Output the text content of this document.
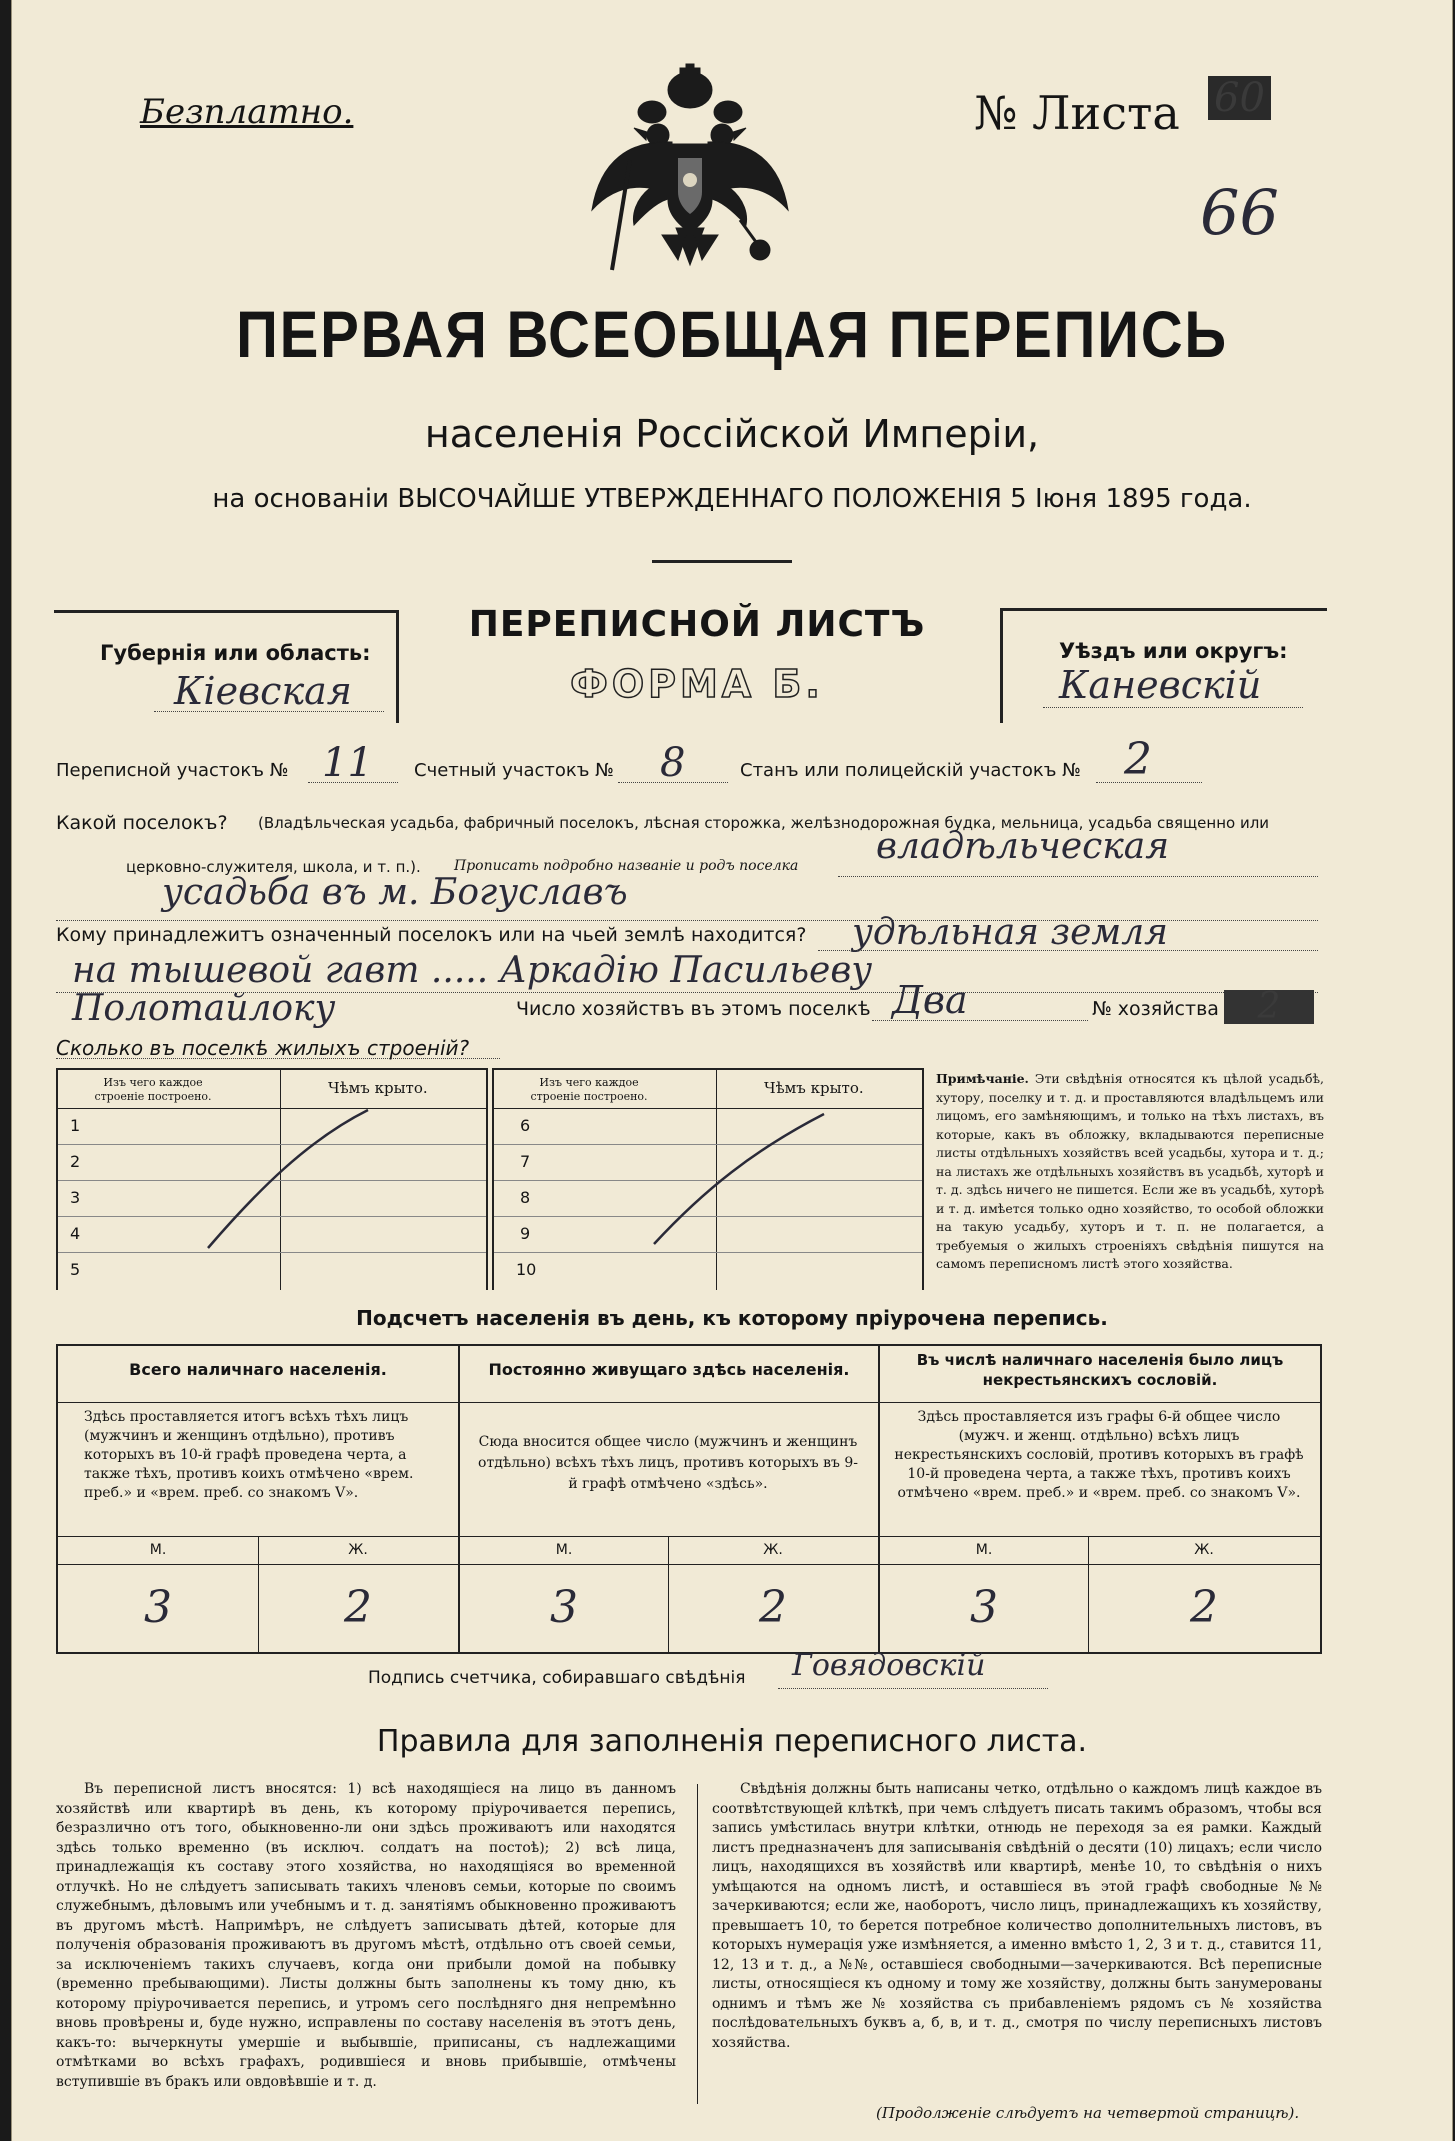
Безплатно.	№ Листа 60
66
ПЕРВАЯ ВСЕОБЩАЯ ПЕРЕПИСЬ
населенія Россійской Имперіи,
на основаніи ВЫСОЧАЙШЕ УТВЕРЖДЕННАГО ПОЛОЖЕНІЯ 5 Іюня 1895 года.
Губернія или область:
Кіевская
ПЕРЕПИСНОЙ ЛИСТЪ
ФОРМА Б.
Уѣздъ или округъ:
Каневскій
Переписной участокъ № 11 Счетный участокъ № 8	Станъ или полицейскій участокъ № 2
Какой поселокъ? (Владѣльческая усадьба, фабричный поселокъ, лѣсная сторожка, желѣзнодорожная будка, мельница, усадьба священно или
церковно-служителя, школа, и т. п.). Прописать подробно названіе и родъ поселка владѣльческая
усадьба въ м. Богуславъ
Кому принадлежитъ означенный поселокъ или на чьей землѣ находится? удѣльная земля
на тышевой гавт ..... Аркадію Пасильеву
Полотайлоку	Число хозяйствъ въ этомъ поселкѣ Два	№ хозяйства	2
Сколько въ поселкѣ жилыхъ строеній?
Изъ чего каждое строеніе построено.	Чѣмъ крыто.
1
2
3
4
5
Изъ чего каждое строеніе построено.	Чѣмъ крыто.
6
7
8
9
10
Примѣчаніе. Эти свѣдѣнія относятся къ цѣлой усадьбѣ, хутору, поселку и т. д. и проставляются владѣльцемъ или лицомъ, его замѣняющимъ, и только на тѣхъ листахъ, въ которые, какъ въ обложку, вкладываются переписные листы отдѣльныхъ хозяйствъ всей усадьбы, хутора и т. д.; на листахъ же отдѣльныхъ хозяйствъ въ усадьбѣ, хуторѣ и т. д. здѣсь ничего не пишется. Если же въ усадьбѣ, хуторѣ и т. д. имѣется только одно хозяйство, то особой обложки на такую усадьбу, хуторъ и т. п. не полагается, а требуемыя о жилыхъ строеніяхъ свѣдѣнія пишутся на самомъ переписномъ листѣ этого хозяйства.
Подсчетъ населенія въ день, къ которому пріурочена перепись.
Всего наличнаго населенія.	Постоянно живущаго здѣсь населенія.	Въ числѣ наличнаго населенія было лицъ некрестьянскихъ сословій.
Здѣсь проставляется итогъ всѣхъ тѣхъ лицъ (мужчинъ и женщинъ отдѣльно), противъ которыхъ въ 10-й графѣ проведена черта, а также тѣхъ, противъ коихъ отмѣчено «врем. преб.» и «врем. преб. со знакомъ V».
Сюда вносится общее число (мужчинъ и женщинъ отдѣльно) всѣхъ тѣхъ лицъ, противъ которыхъ въ 9-й графѣ отмѣчено «здѣсь».
Здѣсь проставляется изъ графы 6-й общее число (мужч. и женщ. отдѣльно) всѣхъ лицъ некрестьянскихъ сословій, противъ которыхъ въ графѣ 10-й проведена черта, а также тѣхъ, противъ коихъ отмѣчено «врем. преб.» и «врем. преб. со знакомъ V».
М.	Ж.	М.	Ж.	М.	Ж.
3	2	3	2	3	2
Подпись счетчика, собиравшаго свѣдѣнія Говядовскій
Правила для заполненія переписного листа.
Въ переписной листъ вносятся: 1) всѣ находящіеся на лицо въ данномъ хозяйствѣ или квартирѣ въ день, къ которому пріурочивается перепись, безразлично отъ того, обыкновенно-ли они здѣсь проживаютъ или находятся здѣсь только временно (въ исключ. солдатъ на постоѣ); 2) всѣ лица, принадлежащія къ составу этого хозяйства, но находящіяся во временной отлучкѣ. Но не слѣдуетъ записывать такихъ членовъ семьи, которые по своимъ служебнымъ, дѣловымъ или учебнымъ и т. д. занятіямъ обыкновенно проживаютъ въ другомъ мѣстѣ. Напримѣръ, не слѣдуетъ записывать дѣтей, которые для полученія образованія проживаютъ въ другомъ мѣстѣ, отдѣльно отъ своей семьи, за исключеніемъ такихъ случаевъ, когда они прибыли домой на побывку (временно пребывающими). Листы должны быть заполнены къ тому дню, къ которому пріурочивается перепись, и утромъ сего послѣдняго дня непремѣнно вновь провѣрены и, буде нужно, исправлены по составу населенія въ этотъ день, какъ-то: вычеркнуты умершіе и выбывшіе, приписаны, съ надлежащими отмѣтками во всѣхъ графахъ, родившіеся и вновь прибывшіе, отмѣчены вступившіе въ бракъ или овдовѣвшіе и т. д.
Свѣдѣнія должны быть написаны четко, отдѣльно о каждомъ лицѣ каждое въ соотвѣтствующей клѣткѣ, при чемъ слѣдуетъ писать такимъ образомъ, чтобы вся запись умѣстилась внутри клѣтки, отнюдь не переходя за ея рамки. Каждый листъ предназначенъ для записыванія свѣдѣній о десяти (10) лицахъ; если число лицъ, находящихся въ хозяйствѣ или квартирѣ, менѣе 10, то свѣдѣнія о нихъ умѣщаются на одномъ листѣ, и оставшіеся въ этой графѣ свободные №№ зачеркиваются; если же, наоборотъ, число лицъ, принадлежащихъ къ хозяйству, превышаетъ 10, то берется потребное количество дополнительныхъ листовъ, въ которыхъ нумерація уже измѣняется, а именно вмѣсто 1, 2, 3 и т. д., ставится 11, 12, 13 и т. д., а №№, оставшіеся свободными—зачеркиваются. Всѣ переписные листы, относящіеся къ одному и тому же хозяйству, должны быть занумерованы однимъ и тѣмъ же № хозяйства съ прибавленіемъ рядомъ съ № хозяйства послѣдовательныхъ буквъ а, б, в, и т. д., смотря по числу переписныхъ листовъ хозяйства.
(Продолженіе слѣдуетъ на четвертой страницѣ).
